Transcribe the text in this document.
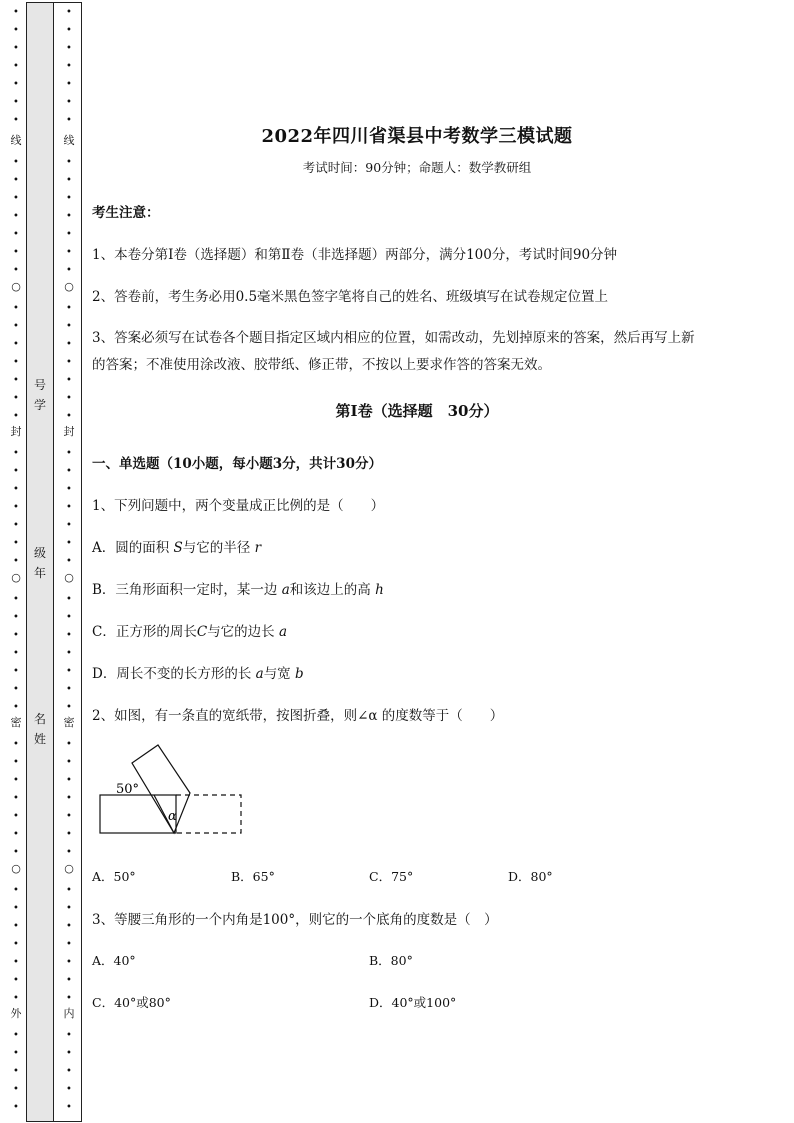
号
学
级
年
名
姓
2022年四川省渠县中考数学三模试题
考试时间：90分钟；命题人：数学教研组
考生注意：
1、本卷分第I卷（选择题）和第Ⅱ卷（非选择题）两部分，满分100分，考试时间90分钟
2、答卷前，考生务必用0.5毫米黑色签字笔将自己的姓名、班级填写在试卷规定位置上
3、答案必须写在试卷各个题目指定区域内相应的位置，如需改动，先划掉原来的答案，然后再写上新
的答案；不准使用涂改液、胶带纸、修正带，不按以上要求作答的答案无效。
第I卷（选择题　30分）
一、单选题（10小题，每小题3分，共计30分）
1、下列问题中，两个变量成正比例的是（　　）
A．圆的面积 S与它的半径 r
B．三角形面积一定时，某一边 a和该边上的高 h
C．正方形的周长C与它的边长 a
D．周长不变的长方形的长 a与宽 b
2、如图，有一条直的宽纸带，按图折叠，则∠α 的度数等于（　　）
A．50°	B．65°	C．75°	D．80°
3、等腰三角形的一个内角是100°，则它的一个底角的度数是（　）
A．40°	B．80°
C．40°或80°	D．40°或100°
50°
α
•
•
•
•
•
•
•
线
•
•
•
•
•
•
•
○
•
•
•
•
•
•
•
封
•
•
•
•
•
•
•
○
•
•
•
•
•
•
•
密
•
•
•
•
•
•
•
○
•
•
•
•
•
•
•
外
•
•
•
•
•
•
•
•
•
•
•
•
线
•
•
•
•
•
•
•
○
•
•
•
•
•
•
•
封
•
•
•
•
•
•
•
○
•
•
•
•
•
•
•
密
•
•
•
•
•
•
•
○
•
•
•
•
•
•
•
内
•
•
•
•
•
